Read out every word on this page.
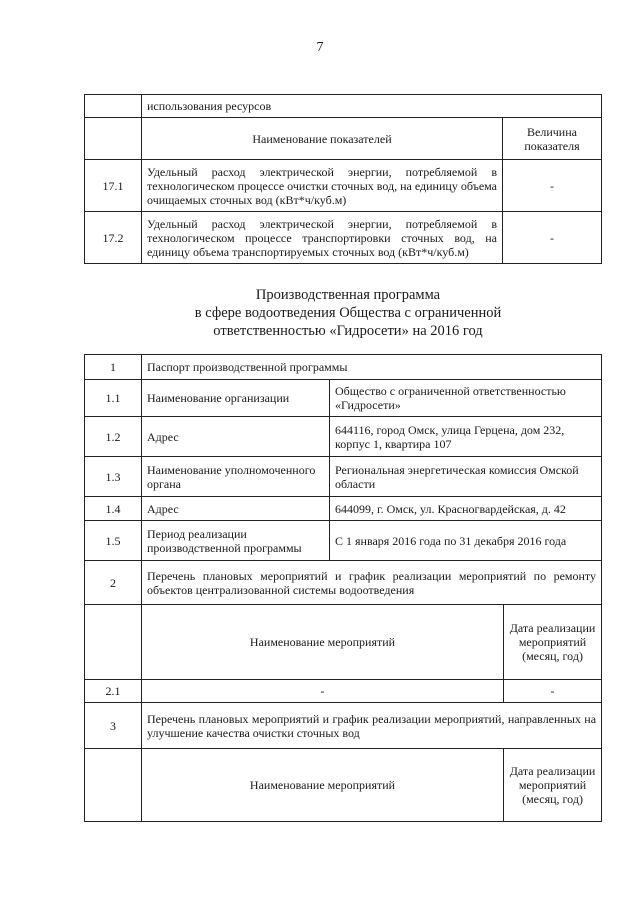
7
	использования ресурсов	
	Наименование показателей	Величина показателя
17.1	Удельный расход электрической энергии, потребляемой в технологическом процессе очистки сточных вод, на единицу объема очищаемых сточных вод (кВт*ч/куб.м)	-
17.2	Удельный расход электрической энергии, потребляемой в технологическом процессе транспортировки сточных вод, на единицу объема транспортируемых сточных вод (кВт*ч/куб.м)	-
Производственная программа
в сфере водоотведения Общества с ограниченной
ответственностью «Гидросети» на 2016 год
1	Паспорт производственной программы		
1.1	Наименование организации	Общество с ограниченной ответственностью «Гидросети»	
1.2	Адрес	644116, город Омск, улица Герцена, дом 232, корпус 1, квартира 107	
1.3	Наименование уполномоченного органа	Региональная энергетическая комиссия Омской области	
1.4	Адрес	644099, г. Омск, ул. Красногвардейская, д. 42	
1.5	Период реализации производственной программы	С 1 января 2016 года по 31 декабря 2016 года	
2	Перечень плановых мероприятий и график реализации мероприятий по ремонту объектов централизованной системы водоотведения		
	Наименование мероприятий		Дата реализации мероприятий (месяц, год)
2.1	-		-
3	Перечень плановых мероприятий и график реализации мероприятий, направленных на улучшение качества очистки сточных вод		
	Наименование мероприятий		Дата реализации мероприятий (месяц, год)
